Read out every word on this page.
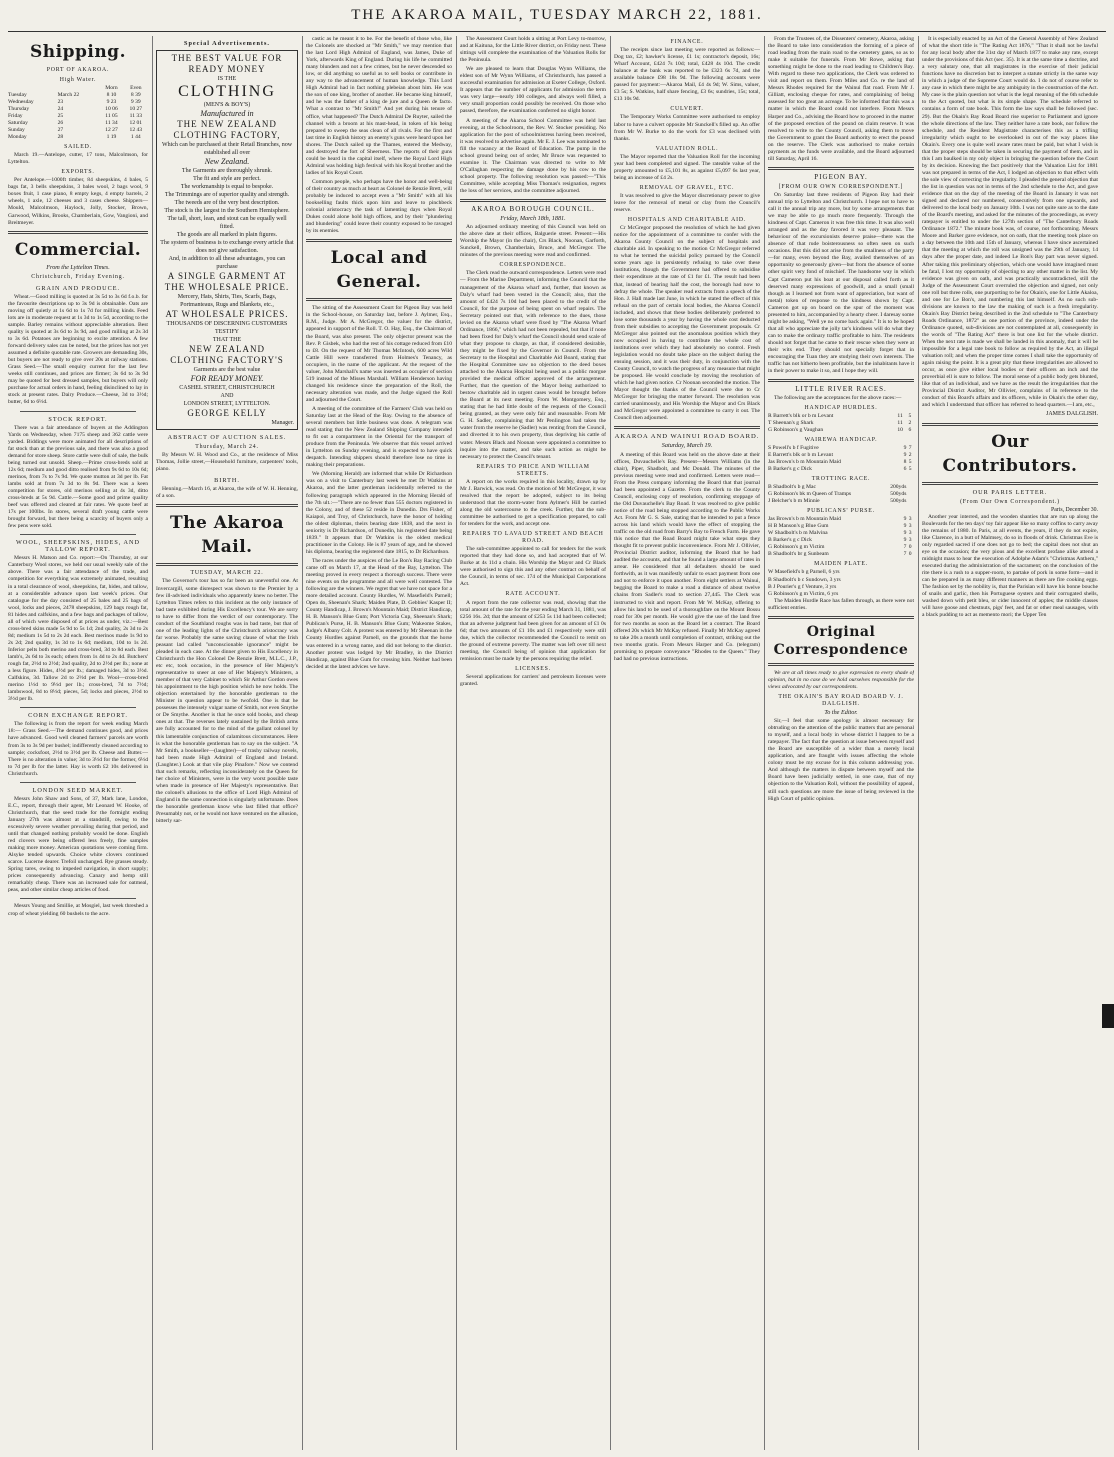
THE AKAROA MAIL, TUESDAY MARCH 22, 1881.
Shipping.
PORT OF AKAROA.
High Water.
		Morn	Even
Tuesday	March 22	8 10	8 39
Wednesday	23	9 23	9 39
Thursday	24	10 06	10 27
Friday	25	11 05	11 33
Saturday	26	11 34	12 01
Sunday	27	12 27	12 43
Monday	28	1 19	1 44
SAILED.

March 19.—Antelope, cutter, 17 tons, Malcolmson, for Lyttelton.

EXPORTS.

Per Antelope.—1000ft timber, 84 sheepskins, 4 bales, 5 bags fat, 3 bells sheepskins, 3 bales wool, 2 bags wool, 9 boxes fruit, 1 case piano, 8 empty kegs, 4 empty barrels, 2 wheels, 1 axle, 12 cheeses and 3 cases cheese. Shippers—Mould, Malcolmson, Haylock, Jolly, Stocker, Brown, Garwood, Wilkins, Brooks, Chamberlain, Gow, Vangioni, and Breitmeyer.

Commercial.
From the Lyttelton Times.
Christchurch, Friday Evening.
GRAIN AND PRODUCE.

Wheat.—Good milling is quoted at 3s 5d to 3s 6d f.o.b. for the favourite descriptions up to 3s 9d is obtainable. Oats are moving off quietly at 1s 6d to 1s 7d for milling kinds. Feed lots are in moderate request at 1s 3d to 1s 5d, according to the sample. Barley remains without appreciable alteration. Best quality is quoted at 3s 6d to 3s 9d, and good milling at 2s 3d to 3s 6d. Potatoes are beginning to excite attention. A few forward delivery sales can be noted, but the prices has not yet assumed a definite quotable rate. Growers are demanding 30s, but buyers are not ready to give over 20s at railway stations. Grass Seed.—The small enquiry current for the last few weeks still continues, and prices are firmer; 3s 6d to 3s 9d may be quoted for best dressed samples, but buyers will only purchase for actual orders in hand, feeling disinclined to lay in stock at present rates. Dairy Produce.—Cheese, 3d to 3½d; butter, 6d to 6½d.

STOCK REPORT.

There was a fair attendance of buyers at the Addington Yards on Wednesday, when 7175 sheep and 362 cattle were yarded. Biddings were more animated for all descriptions of fat stock than at the previous sale, and there was also a good demand for store sheep. Store cattle were dull of sale, the bulk being turned out unsold. Sheep.—Prime cross-breds sold at 12s 6d; medium and good ditto realised from 9s 6d to 10s 6d; merinos, from 7s to 7s 9d. We quote mutton at 3d per lb. Fat lambs sold at from 7s 3d to 8s 9d. There was a keen competition for stores, old merinos selling at 4s 3d, ditto cross-breds at 5s 9d. Cattle.—Some good and prime quality beef was offered and cleared at fair rates. We quote beef at 17s per 100lbs. In stores, several draft young cattle were brought forward, but there being a scarcity of buyers only a few pens were sold.

WOOL, SHEEPSKINS, HIDES, AND TALLOW REPORT.

Messrs H. Matson and Co. report:—On Thursday, at our Canterbury Wool stores, we held our usual weekly sale of the above. There was a fair attendance of the trade, and competition for everything was extremely animated, resulting in a total clearance of wool, sheepskins, fat, hides, and tallow, at a considerable advance upon last week's prices. Our catalogue for the day consisted of 25 bales and 25 bags of wool, locks and pieces, 2478 sheepskins, 129 bags rough fat, 81 hides and calfskins, and a few bags and packages of tallow, all of which were disposed of at prices as under, viz.:—Best cross-bred skins made 5s 9d to 5s 1d; 2nd quality, 2s 3d to 2s 8d; medium 1s 5d to 2s 2d each. Best merinos made 1s 9d to 2s 2d; 2nd quality, 1s 3d to 1s 6d; medium, 10d to 1s 2d. Inferior pelts both merino and cross-bred, 3d to 8d each. Best lamb's, 2s 6d to 3s each; others from 1s 4d to 2s 4d. Butchers' rough fat, 2½d to 2½d; 2nd quality, 2d to 2½d per lb.; none at a less figure. Hides, 4½d per lb.; damaged hides, 3d to 3½d. Calfskins, 3d. Tallow 2d to 2½d per lb. Wool—cross-bred merino 1½d to 9½d per lb.; cross-bred, 7d to 7½d; lambswool, 8d to 8½d; pieces, 5d; locks and pieces, 2½d to 3½d per lb.

CORN EXCHANGE REPORT.

The following is from the report for week ending March 18:— Grass Seed.—The demand continues good, and prices have advanced. Good well cleaned farmers' parcels are worth from 3s to 3s 9d per bushel; indifferently cleaned according to sample; cocksfoot, 2½d to 3½d per lb. Cheese and Butter.—There is no alteration in value; 3d to 3½d for the former, 6½d to 7d per lb for the latter. Hay is worth £2 10s delivered in Christchurch.

LONDON SEED MARKET.

Messrs John Shaw and Sons, of 37, Mark lane, London, E.C., report, through their agent, Mr Leonard W. Hooke, of Christchurch, that the seed trade for the fortnight ending January 27th was almost at a standstill, owing to the excessively severe weather prevailing during that period, and until that changed nothing probably would be done. English red clovers were being offered less freely, fine samples making more money. American quotations were coming firm. Alsyke tended upwards. Choice white clovers continued scarce. Lucerne dearer. Trefoil unchanged. Rye grasses steady. Spring tares, owing to impeded navigation, in short supply; prices consequently advancing. Canary and hemp still remarkably cheap. There was an increased sale for oatmeal, peas, and other similar cheap articles of food.

Messrs Young and Smillie, at Mosgiel, last week threshed a crop of wheat yielding 60 bushels to the acre.

Special Advertisements.
THE BEST VALUE FOR READY MONEY
IS THE
CLOTHING
(MEN'S & BOY'S)
Manufactured in
THE NEW ZEALAND CLOTHING FACTORY,
Which can be purchased at their Retail Branches, now established all over
New Zealand.
The Garments are thoroughly shrunk.
The fit and style are perfect.
The workmanship is equal to bespoke.
The Trimmings are of superior quality and strength.
The tweeds are of the very best description.
The stock is the largest in the Southern Hemisphere.
The tall, short, lean, and stout can be equally well fitted.
The goods are all marked in plain figures.
The system of business is to exchange every article that does not give satisfaction.
And, in addition to all these advantages, you can purchase
A SINGLE GARMENT AT THE WHOLESALE PRICE.
Mercery, Hats, Shirts, Ties, Scarfs, Bags, Portmanteaus, Rugs and Blankets, etc.,
AT WHOLESALE PRICES.
THOUSANDS OF DISCERNING CUSTOMERS TESTIFY
THAT THE
NEW ZEALAND
CLOTHING FACTORY'S
Garments are the best value
FOR READY MONEY.
CASHEL STREET, CHRISTCHURCH
AND
LONDON STREET, LYTTELTON.
GEORGE KELLY
Manager.
ABSTRACT OF AUCTION SALES.
Thursday, March 24.

By Messrs W. H. Wood and Co., at the residence of Miss Thomas, Jollie street,—Household furniture, carpenters' tools, piano.

BIRTH.

Henning.—March 16, at Akaroa, the wife of W. H. Henning, of a son.

The Akaroa Mail.
TUESDAY, MARCH 22.

The Governor's tour has so far been an uneventful one. At Invercargill, some disrespect was shown to the Premier by a few ill-advised individuals who apparently knew no better. The Lyttelton Times refers to this incident as the only instance of bad taste exhibited during His Excellency's tour. We are sorry to have to differ from the verdict of our contemporary. The conduct of the Southland roughs was in bad taste, but that of one of the leading lights of the Christchurch aristocracy was far worse. Probably the same saving clause of what the Irish peasant lad called "unconscionable ignorance" might be pleaded in each case. At the dinner given to His Excellency in Christchurch the Hon Colonel De Renzie Brett, M.L.C., J.P., etc etc, took occasion, in the presence of Her Majesty's representative to sneer at one of Her Majesty's Ministers, a member of that very Cabinet to which Sir Arthur Gordon owes his appointment to the high position which he now holds. The objection entertained by the honorable gentleman to the Minister in question appear to be twofold. One is that he possesses the intensely vulgar name of Smith, not even Smythe or De Smythe. Another is that he once sold books, and cheap ones at that. The reverses lately sustained by the British arms are fully accounted for to the mind of the gallant colonel by this lamentable conjunction of calamitous circumstances. Here is what the honorable gentleman has to say on the subject. "A Mr Smith, a bookseller—(laughter)—of trashy railway novels, had been made High Admiral of England and Ireland. (Laughter.) Look at that vile play Pinafore." Now we contend that such remarks, reflecting inconsiderately on the Queen for her choice of Ministers, were in the very worst possible taste when made in presence of Her Majesty's representative. But the colonel's allusions to the office of Lord High Admiral of England in the same connection is singularly unfortunate. Does the honorable gentleman know who last filled that office? Presumably not, or he would not have ventured on the allusion, bitterly sar-

castic as he meant it to be. For the benefit of those who, like the Colonels are shocked at "Mr Smith," we may mention that the last Lord High Admiral of England, was James, Duke of York, afterwards King of England. During his life he committed many blunders and not a few crimes, but he never descended so low, or did anything so useful as to sell books or contribute in any way to the advancement of human knowledge. This Lord High Admiral had in fact nothing plebeian about him. He was the son of one king, brother of another. He became king himself, and he was the father of a king de jure and a Queen de facto. What a contrast to "Mr Smith!" And yet during his tenure of office, what happened? The Dutch Admiral De Ruyter, sailed the channel with a broom at his mast-head, in token of his being prepared to sweep the seas clean of all rivals. For the first and last time in English history an enemy's guns were heard upon her shores. The Dutch sailed up the Thames, entered the Medway, and destroyed the fort of Sheerness. The reports of their guns could be heard in the capital itself, where the Royal Lord High Admiral was holding high festival with his Royal brother and the ladies of his Royal Court.

Common people, who perhaps have the honor and well-being of their country as much at heart as Colonel de Renzie Brett, will probably be induced to accept even a "Mr Smith" with all his bookselling faults thick upon him and leave to pinchbeck colonial aristocracy the task of lamenting days when Royal Dukes could alone hold high offices, and by their "plundering and blundering" could leave their country exposed to be ravaged by its enemies.

Local and General.

The sitting of the Assessment Court for Pigeon Bay was held in the School-house, on Saturday last, before J. Aylmer, Esq., R.M., Judge. Mr A. McGregor, the valuer for the district, appeared in support of the Roll. T. O. Hay, Esq., the Chairman of the Board, was also present. The only objector present was the Rev. P. Gisbek, who had the rest of his cottage reduced from £10 to £8. On the request of Mr Thomas McIntosh, 600 acres Wild Cattle Hill were transferred from Holmes's Tenancy, as occupiers, in the name of the applicant. At the request of the valuer, John Marshall's name was inserted as occupier of section 519 instead of the Misses Marshall. William Henderson having changed his residence since the preparation of the Roll, the necessary alteration was made, and the Judge signed the Roll and adjourned the Court.

A meeting of the committee of the Farmers' Club was held on Saturday last at the Head of the Bay. Owing to the absence of several members but little business was done. A telegram was read stating that the New Zealand Shipping Company intended to fit out a compartment in the Oriental for the transport of produce from the Peninsula. We observe that this vessel arrived in Lyttelton on Sunday evening, and is expected to have quick despatch. Intending shippers should therefore lose no time in making their preparations.

We (Morning Herald) are informed that while Dr Richardson was on a visit to Canterbury last week he met Dr Watkins at Akaroa, and the latter gentleman incidentally referred to the following paragraph which appeared in the Morning Herald of the 7th ult.:—"There are no fewer than 555 doctors registered in the Colony, and of these 52 reside in Dunedin. Drs Fisher, of Kaiapoi, and Troy, of Christchurch, have the honor of holding the oldest diplomas, theirs bearing date 1838, and the next in seniority is Dr Richardson, of Dunedin, his registered date being 1839." It appears that Dr Watkins is the oldest medical practitioner in the Colony. He is 87 years of age, and he showed his diploma, bearing the registered date 1815, to Dr Richardson.

The races under the auspices of the Le Bon's Bay Racing Club came off on March 17, at the Head of the Bay, Lyttelton. The meeting proved in every respect a thorough success. There were nine events on the programme and all were well contested. The following are the winners. We regret that we have not space for a more detailed account. County Hurdles, W. Masefield's Parnell; Open do, Sheenan's Shark; Maiden Plate, D. Gebbies' Kasper II; County Handicap, J. Brown's Mountain Maid; District Handicap, H. B. Manson's Blue Gum; Port Victoria Cup, Sheenan's Shark; Publican's Purse, H. B. Manson's Blue Gum; Wakeome Stakes, Judge's Albany Colt. A protest was entered by Mr Sheenan in the County Hurdles against Parnell, on the grounds that the horse was entered in a wrong name, and did not belong to the district. Another protest was lodged by Mr Bradley, in the District Handicap, against Blue Gum for crossing him. Neither had been decided at the latest advices we have.

The Assessment Court holds a sitting at Port Levy to-morrow, and at Kaituna, for the Little River district, on Friday next. These sittings will complete the examination of the Valuation Rolls for the Peninsula.

We are pleased to learn that Douglas Wynn Williams, the eldest son of Mr Wynn Williams, of Christchurch, has passed a successful examination for admission at Exeter College, Oxford. It appears that the number of applicants for admission the term was very large—nearly 100 colleges, and always well filled, a very small proportion could possibly be received. On those who passed, therefore, the examination conferred no slight honor.

A meeting of the Akaroa School Committee was held last evening, at the Schoolroom, the Rev. W. Stocker presiding. No application for the post of schoolmistress having been received, it was resolved to advertise again. Mr E. J. Lee was nominated to fill the vacancy at the Board of Education. The pump in the school ground being out of order, Mr Bruce was requested to examine it. The Chairman was directed to write to Mr O'Callaghan respecting the damage done by his cow to the school property. The following resolution was passed:—"This Committee, while accepting Miss Thomas's resignation, regrets the loss of her services, and the committee adjourned.

AKAROA BOROUGH COUNCIL.
Friday, March 18th, 1881.

An adjourned ordinary meeting of this Council was held on the above date at their offices, Balguerie street. Present:—His Worship the Mayor (in the chair), Crs Black, Noonan, Garforth, Sunckell, Brown, Chamberlain, Bruce, and McGregor. The minutes of the previous meeting were read and confirmed.

CORRESPONDENCE.

The Clerk read the outward correspondence. Letters were read— From the Marine Department, informing the Council that the management of the Akaroa wharf and, further, that known as Daly's wharf had been vested in the Council; also, that the amount of £424 7s 10d had been placed to the credit of the Council, for the purpose of being spent on wharf repairs. The Secretary pointed out that, with reference to the dues, those levied on the Akaroa wharf were fixed by "The Akaroa Wharf Ordinance, 1866," which had not been repealed, but that if none had been fixed for Daly's wharf the Council should send scale of what they propose to charge, as that, if considered desirable, they might be fixed by the Governor in Council. From the Secretary to the Hospital and Charitable Aid Board, stating that the Hospital Committee saw no objection to the deed boxes attached to the Akaroa Hospital being used as a public morgue provided the medical officer approved of the arrangement. Further, that the question of the Mayor being authorized to bestow charitable aid in urgent cases would be brought before the Board at its next meeting. From W. Montgomery, Esq., stating that he had little doubt of the requests of the Council being granted, as they were only fair and reasonable. From Mr G. H. Sadler, complaining that Mr Penlington had taken the water from the reserve he (Sadler) was renting from the Council, and diverted it to his own property, thus depriving his cattle of water. Messrs Black and Noonan were appointed a committee to inquire into the matter, and take such action as might be necessary to protect the Council's tenant.

REPAIRS TO PRICE AND WILLIAM STREETS.

A report on the works required in this locality, drawn up by Mr J. Barwick, was read. On the motion of Mr McGregor, it was resolved that the report be adopted, subject to its being understood that the storm-water from Aylmer's Hill be carried along the old watercourse to the creek. Further, that the sub-committee be authorised to get a specification prepared, to call for tenders for the work, and accept one.

REPAIRS TO LAVAUD STREET AND BEACH ROAD.

The sub-committee appointed to call for tenders for the work reported that they had done so, and had accepted that of W. Burke at 4s 11d a chain. His Worship the Mayor and Cr Black were authorised to sign this and any other contract on behalf of the Council, in terms of sec. 174 of the Municipal Corporations Act.

RATE ACCOUNT.

A report from the rate collector was read, showing that the total amount of the rate for the year ending March 31, 1881, was £256 16s. 2d; that the amount of £253 5s 11d had been collected; that an adverse judgment had been given for an amount of £1 0s 6d; that two amounts of £1 10s and £1 respectively were still due, which the collector recommended the Council to remit on the ground of extreme poverty. The matter was left over till next meeting, the Council being of opinion that application for remission must be made by the persons requiring the relief.

LICENSES.

Several applications for carriers' and petroleum licenses were granted.

FINANCE.

The receipts since last meeting were reported as follows:—Dog tax, £2; hawker's license, £1 1s; contractor's deposit, 16s; Wharf Account, £424 7s 10d; total, £428 4s 10d. The credit balance at the bank was reported to be £323 6s 7d, and the available balance £98 18s 9d. The following accounts were passed for payment:—Akaroa Mail, £4 4s 9d; W. Sims, valuer, £3 5s; S. Watkins, half share fencing, £3 6s; sundries, 15s; total, £13 10s 9d.

CULVERT.

The Temporary Works Committee were authorised to employ labor to have a culvert opposite Mr Sunckell's filled up. An offer from Mr W. Burke to do the work for £3 was declined with thanks.

VALUATION ROLL.

The Mayor reported that the Valuation Roll for the incoming year had been completed and signed. The rateable value of the property amounted to £5,101 8s, as against £5,097 6s last year, being an increase of £4 2s.

REMOVAL OF GRAVEL, ETC.

It was resolved to give the Mayor discretionary power to give leave for the removal of metal or clay from the Council's reserve.

HOSPITALS AND CHARITABLE AID.

Cr McGregor proposed the resolution of which he had given notice for the appointment of a committee to confer with the Akaroa County Council on the subject of hospitals and charitable aid. In speaking to the motion Cr McGregor referred to what he termed the suicidal policy pursued by the Council some years ago in persistently refusing to take over these institutions, though the Government had offered to subsidise their expenditure at the rate of £1 for £1. The result had been that, instead of bearing half the cost, the borough had now to defray the whole. The speaker read extracts from a speech of the Hon. J. Hall made last June, in which he stated the effect of this refusal on the part of certain local bodies, the Akaroa Council included, and shows that these bodies deliberately preferred to lose some thousands a year by having the whole cost deducted from their subsidies to accepting the Government proposals. Cr McGregor also pointed out the anomalous position which they now occupied in having to contribute the whole cost of institutions over which they had absolutely no control. Fresh legislation would no doubt take place on the subject during the ensuing session, and it was their duty, in conjunction with the County Council, to watch the progress of any measure that might be proposed. He would conclude by moving the resolution of which he had given notice. Cr Noonan seconded the motion. The Mayor thought the thanks of the Council were due to Cr McGregor for bringing the matter forward. The resolution was carried unanimously, and His Worship the Mayor and Crs Black and McGregor were appointed a committee to carry it out. The Council then adjourned.

AKAROA AND WAINUI ROAD BOARD.
Saturday, March 19.

A meeting of this Board was held on the above date at their offices, Duvauchelle's Bay. Present—Messrs Williams (in the chair), Piper, Shadbolt, and Mc Donald. The minutes of the previous meeting were read and confirmed. Letters were read— From the Press company informing the Board that that journal had been appointed a Gazette. From the clerk to the County Council, enclosing copy of resolution, confirming stoppage of the Old Duvauchelle's Bay Road. It was resolved to give public notice of the road being stopped according to the Public Works Act. From Mr G. S. Sale, stating that he intended to put a fence across his land which would have the effect of stopping the traffic on the old road from Barry's Bay to French Farm. He gave this notice that the Road Board might take what steps they thought fit to prevent public inconvenience. From Mr J. Ollivier, Provincial District auditor, informing the Board that he had audited the accounts, and that he found a large amount of rates in arrear. He considered that all defaulters should be sued forthwith, as it was manifestly unfair to exact payment from one and not to enforce it upon another. From eight settlers at Wainui, begging the Board to make a road a distance of about twelve chains from Sadler's road to section 27,445. The Clerk was instructed to visit and report. From Mr W. McKay, offering to allow his land to be used of a thoroughfare on the Mount Bossu road for 30s per month. He would give the use of the land free for two months as soon as the Board let a contract. The Board offered 20s which Mr McKay refused. Finally Mr McKay agreed to take 20s a month until completion of contract, striking out the two months gratis. From Messrs Harper and Co. (telegram) promising to prepare conveyance "Rhodes to the Queen." They had had no previous instructions.

From the Trustees of, the Dissenters' cemetery, Akaroa, asking the Board to take into consideration the forming of a piece of road leading from the main road to the cemetery gates, so as to make it suitable for funerals. From Mr Rowe, asking that something might be done to the road leading to Children's Bay. With regard to these two applications, the Clerk was ordered to visit and report on them. From Miles and Co. re the land of Messrs Rhodes required for the Wainui flat road. From Mr J. Gilliatt, enclosing cheque for rates, and complaining of being assessed for too great an acreage. To be informed that this was a matter in which the Board could not interfere. From Messrs Harper and Co., advising the Board how to proceed in the matter of the proposed erection of the pound on claim reserve. It was resolved to write to the County Council, asking them to move the Government to grant the Board authority to erect the pound on the reserve. The Clerk was authorised to make certain payments as the funds were available, and the Board adjourned till Saturday, April 16.

PIGEON BAY.
[FROM OUR OWN CORRESPONDENT.]

On Saturday last three residents of Pigeon Bay had their annual trip to Lyttelton and Christchurch. I hope not to have to call it the annual trip any more, but by some arrangements that we may be able to go much more frequently. Through the kindness of Capt. Cameron it was free this time. It was also well arranged and as the day favored it was very pleasant. The behaviour of the excursionists deserve praise—there was the absence of that rude boisterousness so often seen on such occasions. But this did not arise from the smallness of the party—for many, even beyond the Bay, availed themselves of an opportunity so generously given—but from the absence of some other spirit very fond of mischief. The handsome way in which Capt Cameron put his boat at our disposal called forth as it deserved many expressions of goodwill, and a small (small though as I learned not from want of appreciation, but want of metal) token of response to the kindness shown by Capt. Cameron got up on board on the spur of the moment was presented to him, accompanied by a hearty cheer. I daresay some might be asking, "Well ye no come back again." It is to be hoped that all who appreciate the jolly tar's kindness will do what they can to make the ordinary traffic profitable to him. The residents should not forget that he came to their rescue when they were at their wits end. They should not specially forget that in encouraging the Tuan they are studying their own interests. The traffic has not hitherto been profitable, but the inhabitants have it in their power to make it so, and I hope they will.

LITTLE RIVER RACES.

The following are the acceptances for the above races:—

HANDICAP HURDLES.
R Barrett's blk or b m Levant	11	5
T Sheenan's g Shark	11	2
G Robinson's g Vaughan	10	6
WAIREWA HANDICAP.
S Powell's b f Fugitive	9	7
E Barrett's blk or b m Levant	9	2
Jas Brown's b m Mountain Maid	8	5
B Barker's g c Dick	6	5
TROTTING RACE.
B Shadbolt's b g Mac	200yds
G Robinson's bk m Queen of Tramps	500yds
J Belcher's b m Minnie	500yds
PUBLICANS' PURSE.
Jas Brown's b m Mountain Maid	9	3
H B Manson's g Blue Gum	9	3
W Shadbolt's b m Malvina	9	3
B Barker's g c Dick	9	3
G Robinson's g m Victim	7	0
B Shadbolt's br g Sunbeam	7	0
MAIDEN PLATE.
W Masefield's b g Parnell, 6 yrs
B Shadbolt's b c Sundown, 3 yrs
B J Pourier's g f Venture, 3 yrs
G Robinson's g m Victim, 6 yrs

The Maiden Hurdle Race has fallen through, as there were not sufficient entries.

Original Correspondence

We are at all times ready to give expression to every shade of opinion, but in no case do we hold ourselves responsible for the views advocated by our correspondents.

THE OKAIN'S BAY ROAD BOARD V. J. DALGLISH.
To the Editor.

Sir,—I feel that some apology is almost necessary for obtruding on the attention of the public matters that are personal to myself, and a local body in whose district I happen to be a ratepayer. The fact that the question at issue between myself and the Board are susceptible of a wider than a merely local application, and are fraught with issues affecting the whole colony must be my excuse for in this column addressing you. And although the matters in dispute between myself and the Board have been judicially settled, in one case, that of my objection to the Valuation Roll, without the possibility of appeal, still such questions are more the issue of being reviewed in the High Court of public opinion.

It is especially enacted by an Act of the General Assembly of New Zealand of what the short title is "The Rating Act 1876," "That it shall not be lawful for any local body after the 31st day of March 1877 to make any rate, except under the provisions of this Act (sec. 35). It is at the same time a doctrine, and a very salutary one, that all magistrates in the exercise of their judicial functions have no discretion but to interpret a statute strictly in the same way in which a judge of the Supreme Court would do. I do not of course refer to any case in which there might be any ambiguity in the construction of the Act. My case is the plain question not what is the legal meaning of the 6th schedule to the Act quoted, but what is its simple shape. The schedule referred to contains a form of rate book. This form the law says shall be followed (sec. 29). But the Okain's Bay Road Board rise superior to Parliament and ignore the whole directions of the law. They neither have a rate book, nor follow the schedule, and the Resident Magistrate characterises this as a trifling irregularity which ought to be overlooked in out of the way places like Okain's. Every one is quite well aware rates must be paid, but what I wish is that the proper steps should be taken in securing the payment of them, and in this I am baulked in my only object in bringing the question before the Court by its decision. Knowing the fact positively that the Valuation List for 1881 was not prepared in terms of the Act, I lodged an objection to that effect with the sole view of correcting the irregularity. I pleaded the general objection that the list in question was not in terms of the 2nd schedule to the Act, and gave evidence that on the day of the meeting of the Board in January it was not signed and declared nor numbered, consecutively from one upwards, and delivered to the local body on January 10th. I was not quite sure as to the date of the Board's meeting, and asked for the minutes of the proceedings, as every ratepayer is entitled to under the 127th section of "The Canterbury Roads Ordinance 1872." The minute book was, of course, not forthcoming. Messrs Moore and Barker gave evidence, not on oath, that the meeting took place on a day between the 10th and 15th of January, whereas I have since ascertained that the meeting at which the roll was unsigned was the 29th of January, 14 days after the proper date, and indeed Le Bon's Bay part was never signed. After taking this preliminary objection, which one would have imagined must be fatal, I lost my opportunity of objecting to any other matter in the list. My evidence was given on oath, and was practically uncontradicted, still the Judge of the Assessment Court overruled the objection and signed, not only one roll but three rolls, one purporting to be for Okain's, one for Little Akaloa, and one for Le Bon's, and numbering this last himself. As no such sub-divisions are known to the law the making of such is a fresh irregularity. Okain's Bay District being described in the 2nd schedule to "The Canterbury Roads Ordinance, 1872" as one portion of the province, indeed under the Ordinance quoted, sub-divisions are not contemplated at all, consequently in the words of "The Rating Act" there is but one list for the whole district. When the next rate is made we shall be landed in this anomaly, that it will be impossible for a legal rate book to follow as required by the Act, an illegal valuation roll; and when the proper time comes I shall take the opportunity of again raising the point. It is a great pity that these irregularities are allowed to occur, as once give either local bodies or their officers an inch and the proverbial ell is sure to follow. The moral sense of a public body gets blunted, like that of an individual, and we have as the result the irregularities that the Provincial District Auditor, Mr Ollivier, complains of in reference to the conduct of this Board's affairs and its officers, while in Okain's the other day, and which I understand that officer has referred to head quarters.—I am, etc.,

JAMES DALGLISH.
Our Contributors.
OUR PARIS LETTER.
(From Our Own Correspondent.)
Paris, December 30.

Another year interred, and the wooden shanties that are run up along the Boulevards for the ten days' toy fair appear like so many coffins to carry away the remains of 1880. In Paris, at all events, the years, if they do not expire, like Clarence, in a butt of Malmsey, do so in floods of drink. Christmas Eve is only regarded sacred if one does not go to bed; the capital does not shut an eye on the occasion; the very pious and the excellent profane alike attend a midnight mass to hear the execution of Adolphe Adam's "Christmas Anthem," executed during the administration of the sacrament; on the conclusion of the rite there is a rush to a supper-room, to partake of pork in some form—and it can be prepared in as many different manners as there are fire cooking eggs. The fashion set by the nobility is, that the Parisian will have his bonne bouche of snails and garlic, then his Portuguese oysters and their corrugated shells, washed down with petit bleu, or cider innocent of apples; the middle classes will have goose and chestnuts, pigs' feet, and fat or other meal sausages, with a black pudding to act as memento mori; the Upper Ten
